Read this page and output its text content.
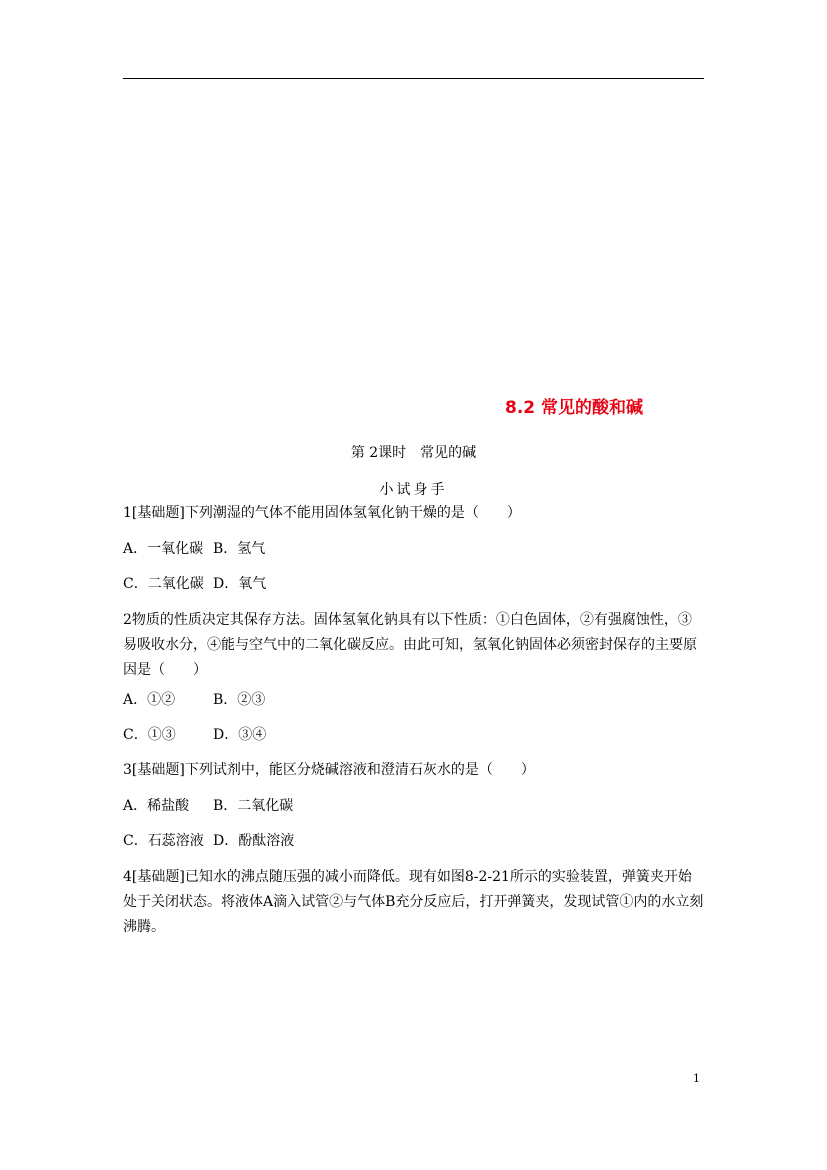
8.2 常见的酸和碱
第 2课时　常见的碱
小试身手
1[基础题]下列潮湿的气体不能用固体氢氧化钠干燥的是（　　）
A．一氧化碳 B．氢气
C．二氧化碳 D．氧气
2物质的性质决定其保存方法。固体氢氧化钠具有以下性质：①白色固体，②有强腐蚀性，③易吸收水分，④能与空气中的二氧化碳反应。由此可知，氢氧化钠固体必须密封保存的主要原因是（　　）
A．①②	B．②③
C．①③	D．③④
3[基础题]下列试剂中，能区分烧碱溶液和澄清石灰水的是（　　）
A．稀盐酸 B．二氧化碳
C．石蕊溶液 D．酚酞溶液
4[基础题]已知水的沸点随压强的减小而降低。现有如图8-2-21所示的实验装置，弹簧夹开始处于关闭状态。将液体A滴入试管②与气体B充分反应后，打开弹簧夹，发现试管①内的水立刻沸腾。
1
